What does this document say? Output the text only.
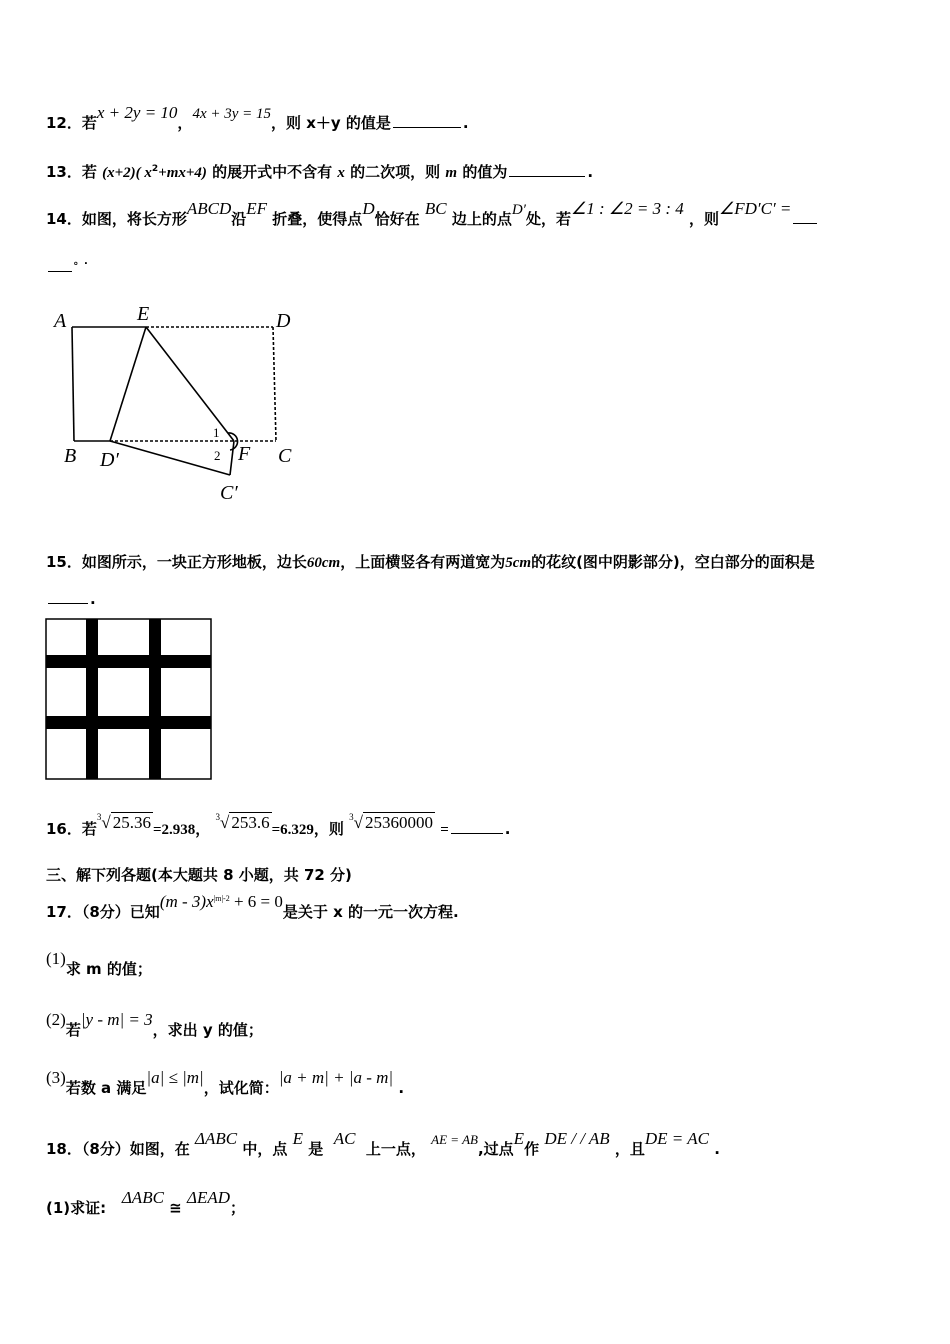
12．若x + 2y = 10，4x + 3y = 15，则 x＋y 的值是	.
13．若 (x+2)( $x^2+mx+4$) 的展开式中不含有 x 的二次项，则 m 的值为	.
14．如图，将长方形ABCD沿EF 折叠，使得点D恰好在 BC 边上的点D′处，若∠1 : ∠2 = 3 : 4 ，则∠FD′C′ =
。.
A	E	D
B D′	F C
C′
1
2
15．如图所示，一块正方形地板，边长60cm，上面横竖各有两道宽为5cm的花纹(图中阴影部分)，空白部分的面积是
.
16．若$^3$√ 25.36 =2.938， $^3$√ 253.6 =6.329，则 $^3$√ 25360000 =	.
三、解下列各题(本大题共 8 小题，共 72 分)
17．（8分）已知$(m - 3)x^{|m|-2} + 6 = 0$是关于 x 的一元一次方程.
(1)求 m 的值；
(2)若|y - m| = 3，求出 y 的值；
(3)若数 a 满足|a| ≤ |m|，试化简：|a + m| + |a - m| .
18．（8分）如图，在 ΔABC 中，点 E 是  AC  上一点， AE = AB,过点E作 DE / / AB ，且DE = AC .
(1)求证:   ΔABC ≅ ΔEAD；
